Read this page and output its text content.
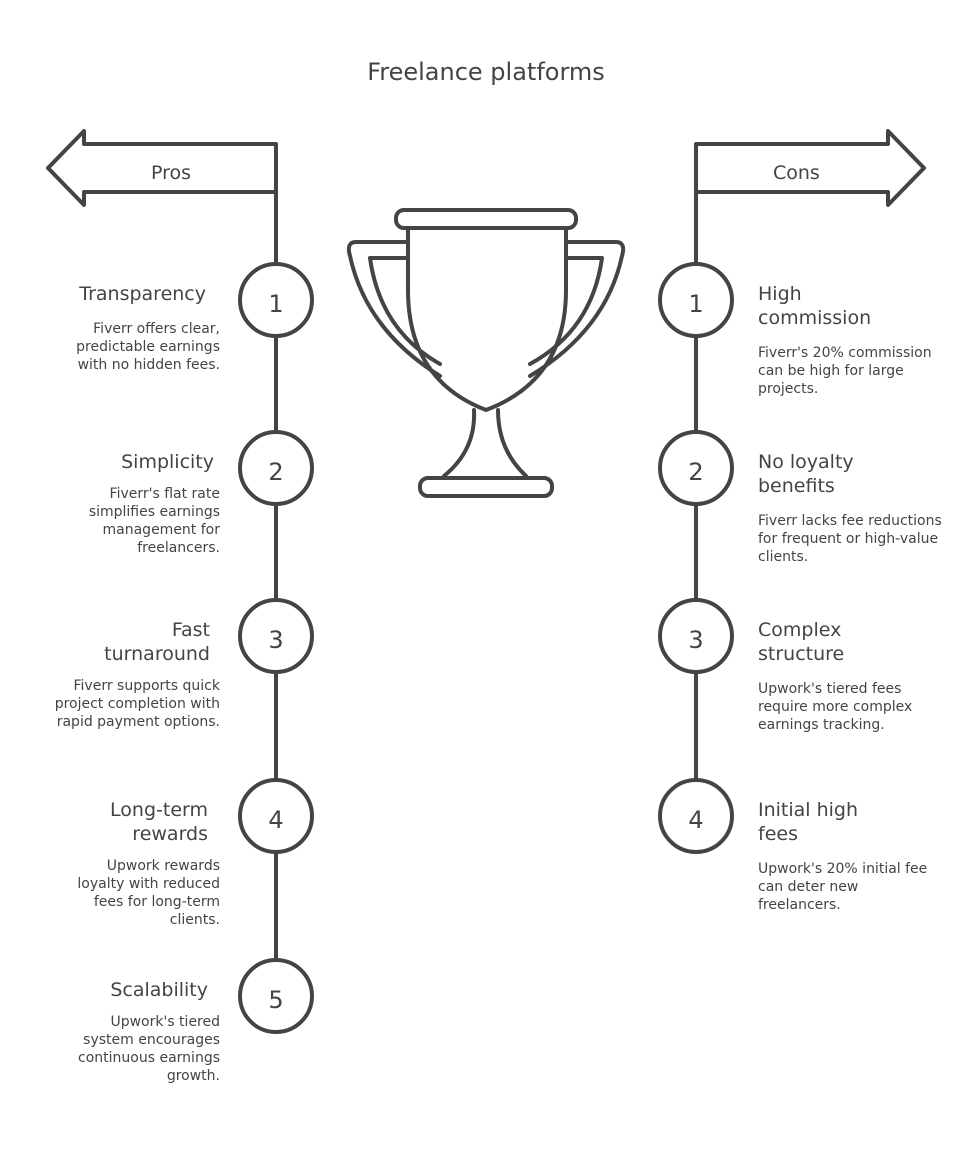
Freelance platforms
Pros	Cons
1
2
3
4
5
1
2
3
4
Transparency
Fiverr offers clear, predictable earnings with no hidden fees.
Simplicity
Fiverr's flat rate simplifies earnings management for freelancers.
Fast turnaround
Fiverr supports quick project completion with rapid payment options.
Long-term rewards
Upwork rewards loyalty with reduced fees for long-term clients.
Scalability
Upwork's tiered system encourages continuous earnings growth.
High commission
Fiverr's 20% commission can be high for large projects.
No loyalty benefits
Fiverr lacks fee reductions for frequent or high-value clients.
Complex structure
Upwork's tiered fees require more complex earnings tracking.
Initial high fees
Upwork's 20% initial fee can deter new freelancers.
